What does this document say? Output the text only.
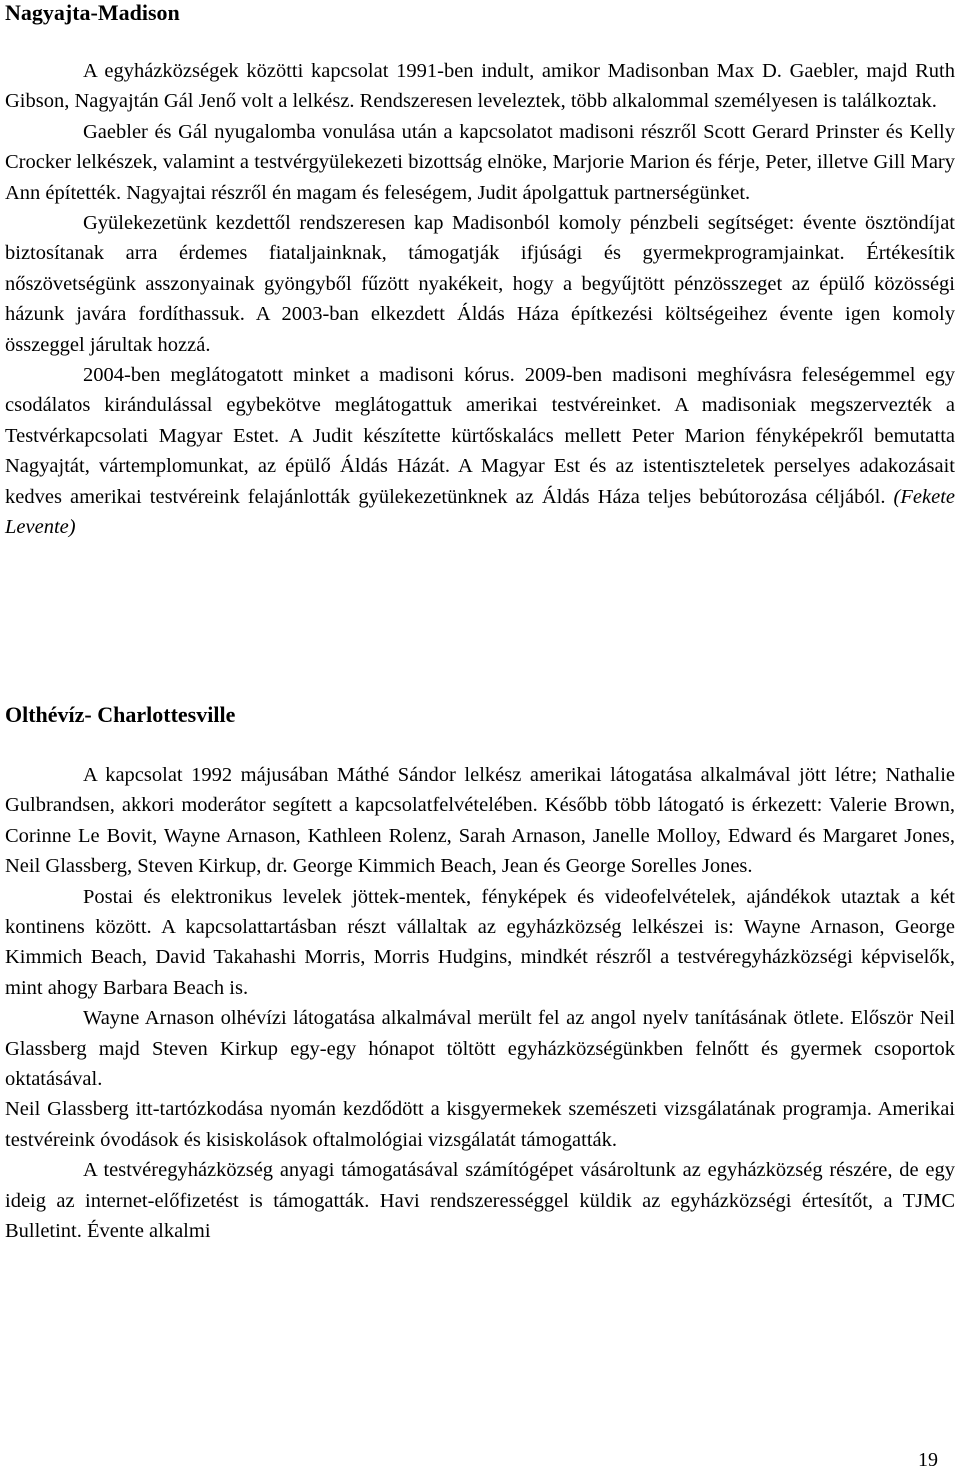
Nagyajta-Madison

A egyházközségek közötti kapcsolat 1991-ben indult, amikor Madisonban Max D. Gaebler, majd Ruth Gibson, Nagyajtán Gál Jenő volt a lelkész. Rendszeresen leveleztek, több alkalommal személyesen is találkoztak.

Gaebler és Gál nyugalomba vonulása után a kapcsolatot madisoni részről Scott Gerard Prinster és Kelly Crocker lelkészek, valamint a testvérgyülekezeti bizottság elnöke, Marjorie Marion és férje, Peter, illetve Gill Mary Ann építették. Nagyajtai részről én magam és feleségem, Judit ápolgattuk partnerségünket.

Gyülekezetünk kezdettől rendszeresen kap Madisonból komoly pénzbeli segítséget: évente ösztöndíjat biztosítanak arra érdemes fiataljainknak, támogatják ifjúsági és gyermekprogramjainkat. Értékesítik nőszövetségünk asszonyainak gyöngyből fűzött nyakékeit, hogy a begyűjtött pénzösszeget az épülő közösségi házunk javára fordíthassuk. A 2003-ban elkezdett Áldás Háza építkezési költségeihez évente igen komoly összeggel járultak hozzá.

2004-ben meglátogatott minket a madisoni kórus. 2009-ben madisoni meghívásra feleségemmel egy csodálatos kirándulással egybekötve meglátogattuk amerikai testvéreinket. A madisoniak megszervezték a Testvérkapcsolati Magyar Estet. A Judit készítette kürtőskalács mellett Peter Marion fényképekről bemutatta Nagyajtát, vártemplomunkat, az épülő Áldás Házát. A Magyar Est és az istentiszteletek perselyes adakozásait kedves amerikai testvéreink felajánlották gyülekezetünknek az Áldás Háza teljes bebútorozása céljából. (Fekete Levente)

Olthévíz- Charlottesville

A kapcsolat 1992 májusában Máthé Sándor lelkész amerikai látogatása alkalmával jött létre; Nathalie Gulbrandsen, akkori moderátor segített a kapcsolatfelvételében. Később több látogató is érkezett: Valerie Brown, Corinne Le Bovit, Wayne Arnason, Kathleen Rolenz, Sarah Arnason, Janelle Molloy, Edward és Margaret Jones, Neil Glassberg, Steven Kirkup, dr. George Kimmich Beach, Jean és George Sorelles Jones.

Postai és elektronikus levelek jöttek-mentek, fényképek és videofelvételek, ajándékok utaztak a két kontinens között. A kapcsolattartásban részt vállaltak az egyházközség lelkészei is: Wayne Arnason, George Kimmich Beach, David Takahashi Morris, Morris Hudgins, mindkét részről a testvéregyházközségi képviselők, mint ahogy Barbara Beach is.

Wayne Arnason olhévízi látogatása alkalmával merült fel az angol nyelv tanításának ötlete. Először Neil Glassberg majd Steven Kirkup egy-egy hónapot töltött egyházközségünkben felnőtt és gyermek csoportok oktatásával.

Neil Glassberg itt-tartózkodása nyomán kezdődött a kisgyermekek szemészeti vizsgálatának programja. Amerikai testvéreink óvodások és kisiskolások oftalmológiai vizsgálatát támogatták.

A testvéregyházközség anyagi támogatásával számítógépet vásároltunk az egyházközség részére, de egy ideig az internet-előfizetést is támogatták. Havi rendszerességgel küldik az egyházközségi értesítőt, a TJMC Bulletint. Évente alkalmi

19
